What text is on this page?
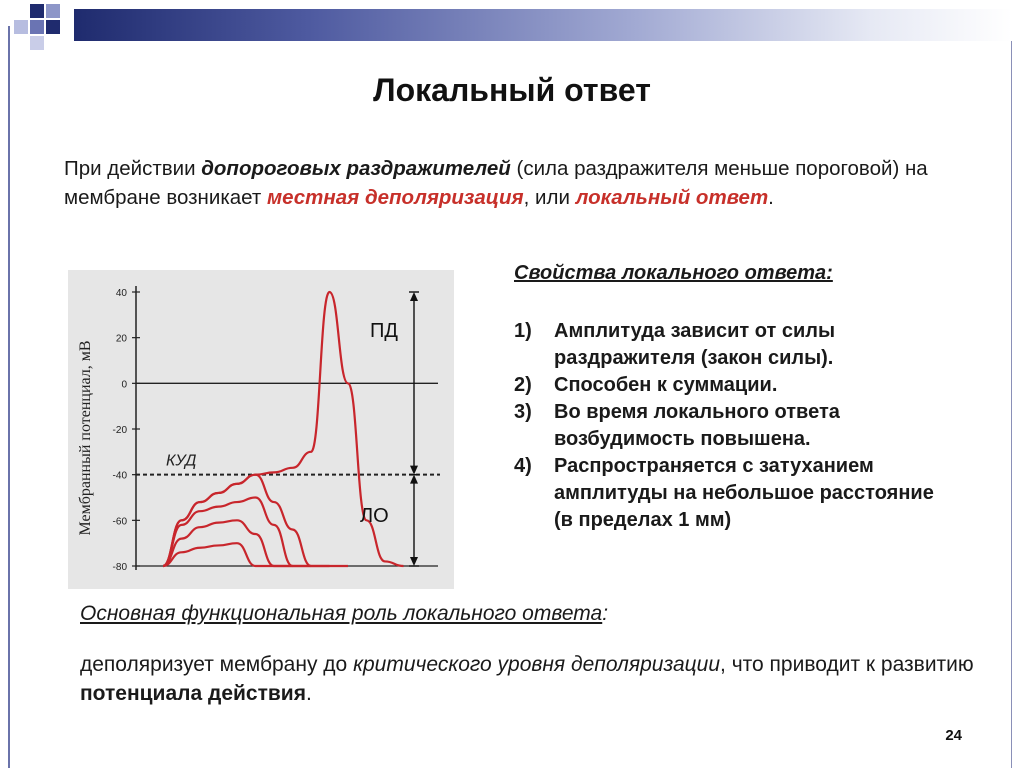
Локальный ответ
При действии допороговых раздражителей (сила раздражителя меньше пороговой) на мембране возникает местная деполяризация, или локальный ответ.
Мембранный потенциал, мВ
40
20
0
-20
-40
-60
-80
КУД
ПД
ЛО
Свойства локального ответа:
1)	Амплитуда зависит от силы раздражителя (закон силы).
2)	Способен к суммации.
3)	Во время локального ответа возбудимость повышена.
4)	Распространяется с затуханием амплитуды на небольшое расстояние (в пределах 1 мм)
Основная функциональная роль локального ответа:
деполяризует мембрану до критического уровня деполяризации, что приводит к развитию потенциала действия.
24
